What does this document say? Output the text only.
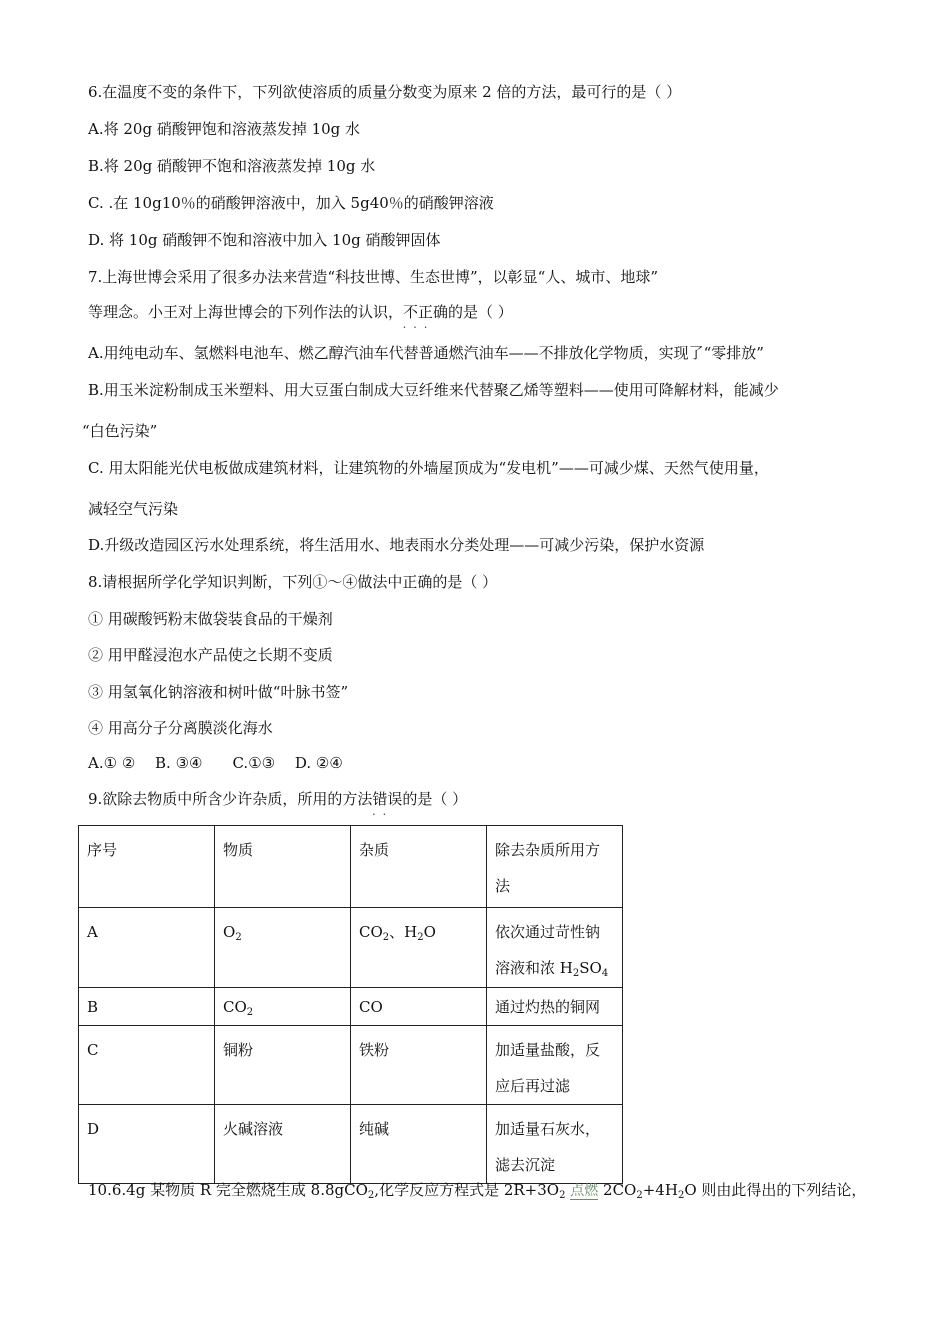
6.在温度不变的条件下，下列欲使溶质的质量分数变为原来 2 倍的方法，最可行的是（ ）
A.将 20g 硝酸钾饱和溶液蒸发掉 10g 水
B.将 20g 硝酸钾不饱和溶液蒸发掉 10g 水
C. .在 10g10％的硝酸钾溶液中，加入 5g40％的硝酸钾溶液
D. 将 10g 硝酸钾不饱和溶液中加入 10g 硝酸钾固体
7.上海世博会采用了很多办法来营造“科技世博、生态世博”，以彰显“人、城市、地球”
等理念。小王对上海世博会的下列作法的认识，不正确 • • •的是（ ）
A.用纯电动车、氢燃料电池车、燃乙醇汽油车代替普通燃汽油车——不排放化学物质，实现了“零排放”
B.用玉米淀粉制成玉米塑料、用大豆蛋白制成大豆纤维来代替聚乙烯等塑料——使用可降解材料，能减少
“白色污染”
C. 用太阳能光伏电板做成建筑材料，让建筑物的外墙屋顶成为“发电机”——可减少煤、天然气使用量，
减轻空气污染
D.升级改造园区污水处理系统，将生活用水、地表雨水分类处理——可减少污染，保护水资源
8.请根据所学化学知识判断，下列①～④做法中正确的是（ ）
① 用碳酸钙粉末做袋装食品的干燥剂
② 用甲醛浸泡水产品使之长期不变质
③ 用氢氧化钠溶液和树叶做“叶脉书签”
④ 用高分子分离膜淡化海水
A.① ②　 B. ③④　　C.①③　 D. ②④
9.欲除去物质中所含少许杂质，所用的方法错误 • •的是（ ）
序号	物质	杂质	除去杂质所用方法
A	$O_2$	$CO_2$、$H_2O$	依次通过苛性钠溶液和浓 $H_2SO_4$
B	$CO_2$	CO	通过灼热的铜网
C	铜粉	铁粉	加适量盐酸，反应后再过滤
D	火碱溶液	纯碱	加适量石灰水，滤去沉淀
10.6.4g 某物质 R 完全燃烧生成 8.8gCO$_2$,化学反应方程式是 $2R+3O_2$ 点燃 $2CO_2+4H_2O$ 则由此得出的下列结论，
